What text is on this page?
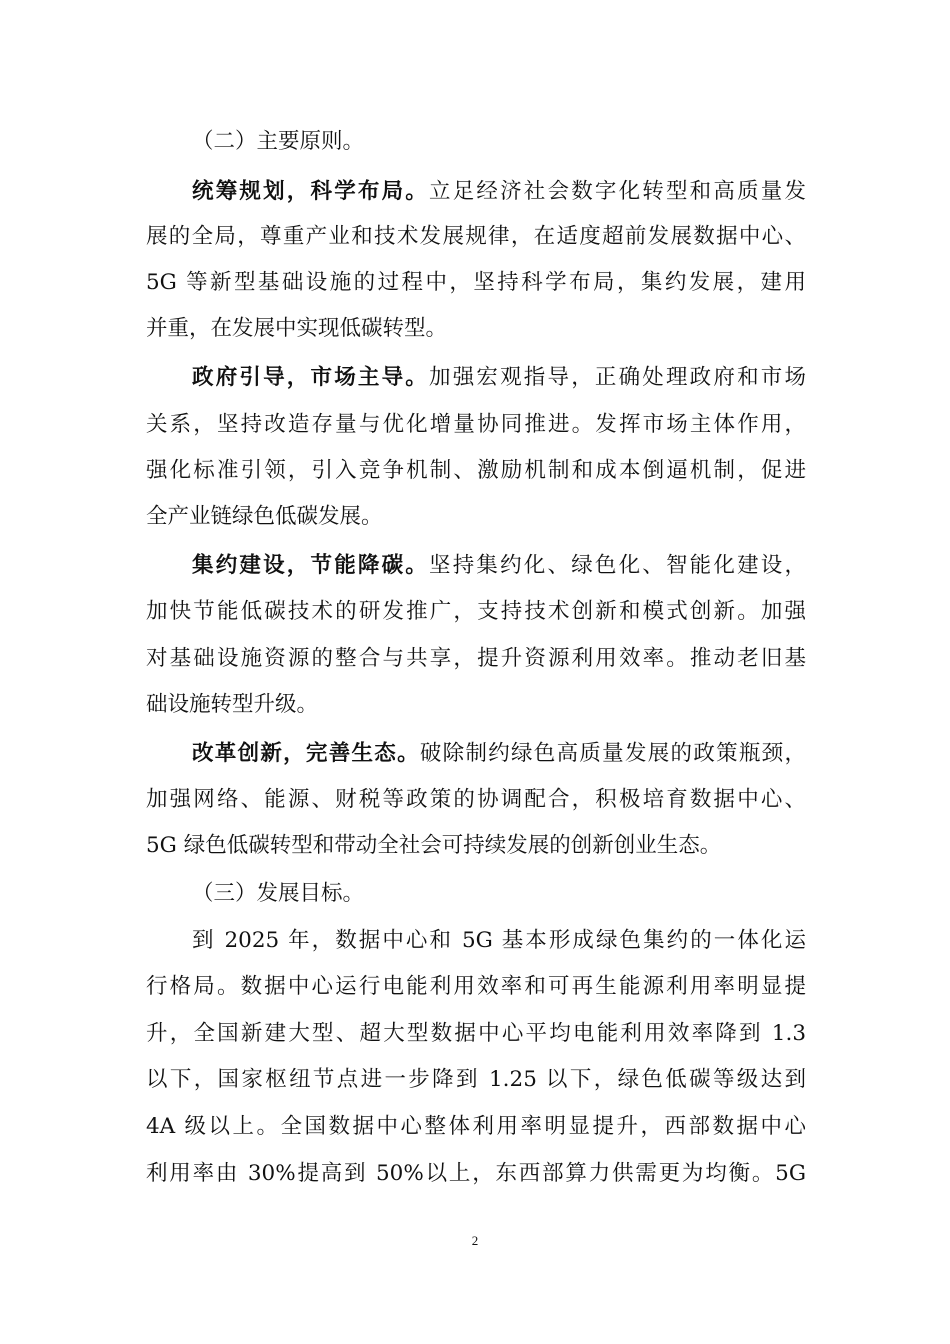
（二）主要原则。
统筹规划，科学布局。立足经济社会数字化转型和高质量发
展的全局，尊重产业和技术发展规律，在适度超前发展数据中心、
5G 等新型基础设施的过程中，坚持科学布局，集约发展，建用
并重，在发展中实现低碳转型。
政府引导，市场主导。加强宏观指导，正确处理政府和市场
关系，坚持改造存量与优化增量协同推进。发挥市场主体作用，
强化标准引领，引入竞争机制、激励机制和成本倒逼机制，促进
全产业链绿色低碳发展。
集约建设，节能降碳。坚持集约化、绿色化、智能化建设，
加快节能低碳技术的研发推广，支持技术创新和模式创新。加强
对基础设施资源的整合与共享，提升资源利用效率。推动老旧基
础设施转型升级。
改革创新，完善生态。破除制约绿色高质量发展的政策瓶颈，
加强网络、能源、财税等政策的协调配合，积极培育数据中心、
5G 绿色低碳转型和带动全社会可持续发展的创新创业生态。
（三）发展目标。
到 2025 年，数据中心和 5G 基本形成绿色集约的一体化运
行格局。数据中心运行电能利用效率和可再生能源利用率明显提
升，全国新建大型、超大型数据中心平均电能利用效率降到 1.3
以下，国家枢纽节点进一步降到 1.25 以下，绿色低碳等级达到
4A 级以上。全国数据中心整体利用率明显提升，西部数据中心
利用率由 30%提高到 50%以上，东西部算力供需更为均衡。5G
2
